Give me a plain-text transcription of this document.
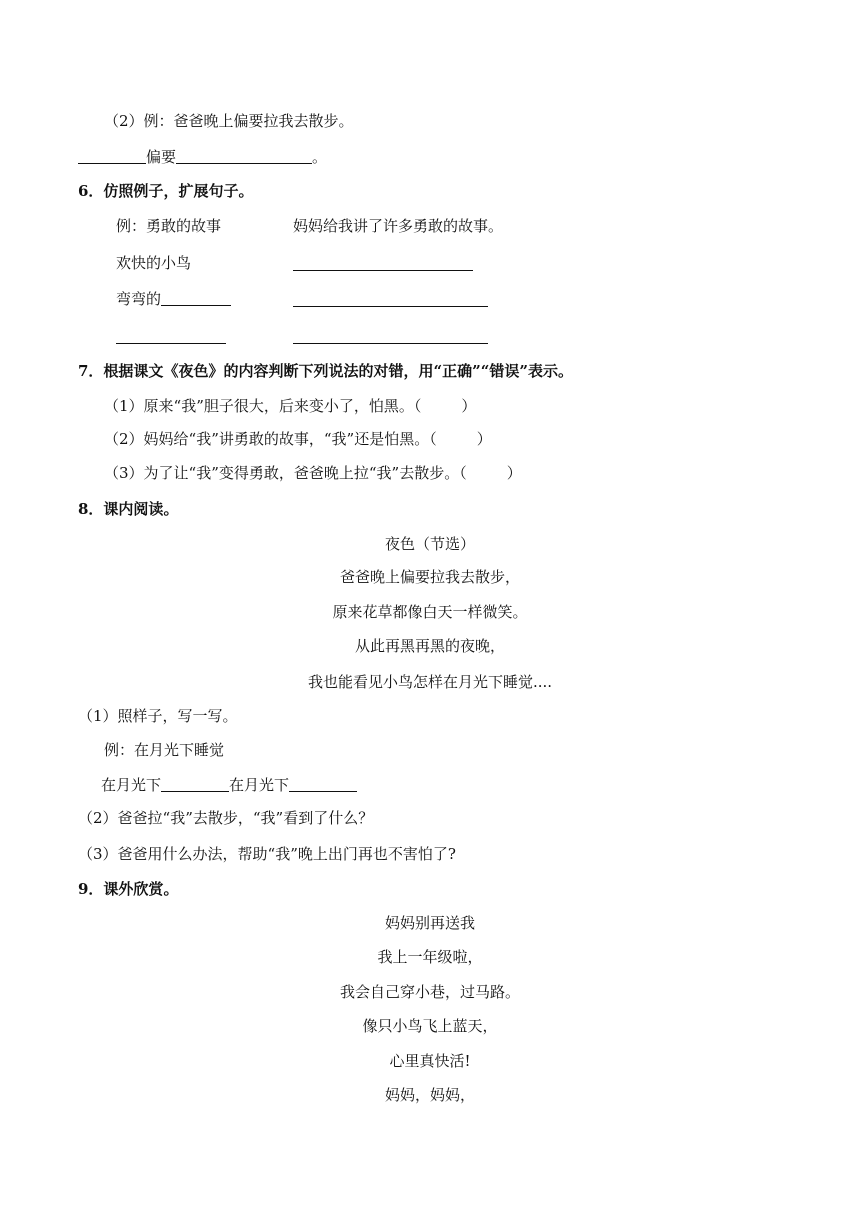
（2）例：爸爸晚上偏要拉我去散步。
偏要	。
6．仿照例子，扩展句子。
例：勇敢的故事	妈妈给我讲了许多勇敢的故事。
欢快的小鸟
弯弯的
7．根据课文《夜色》的内容判断下列说法的对错，用“正确”“错误”表示。
（1）原来“我”胆子很大，后来变小了，怕黑。（	）
（2）妈妈给“我”讲勇敢的故事，“我”还是怕黑。（	）
（3）为了让“我”变得勇敢，爸爸晚上拉“我”去散步。（	）
8．课内阅读。
夜色（节选）
爸爸晚上偏要拉我去散步，
原来花草都像白天一样微笑。
从此再黑再黑的夜晚，
我也能看见小鸟怎样在月光下睡觉....
（1）照样子，写一写。
例：在月光下睡觉
在月光下	在月光下
（2）爸爸拉“我”去散步，“我”看到了什么？
（3）爸爸用什么办法，帮助“我”晚上出门再也不害怕了?
9．课外欣赏。
妈妈别再送我
我上一年级啦，
我会自己穿小巷，过马路。
像只小鸟飞上蓝天，
心里真快活!
妈妈，妈妈，
